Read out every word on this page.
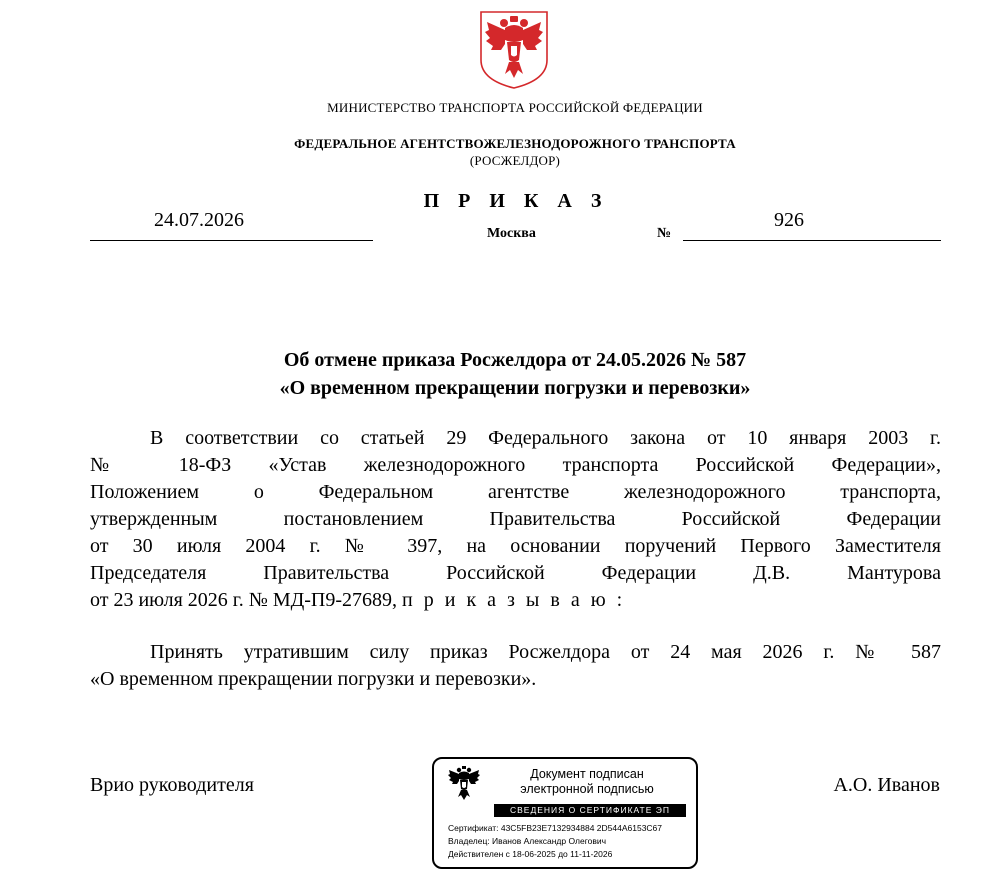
МИНИСТЕРСТВО ТРАНСПОРТА РОССИЙСКОЙ ФЕДЕРАЦИИ
ФЕДЕРАЛЬНОЕ АГЕНТСТВОЖЕЛЕЗНОДОРОЖНОГО ТРАНСПОРТА
(РОСЖЕЛДОР)
П Р И К А З
24.07.2026
Москва	№
926
Об отмене приказа Росжелдора от 24.05.2026 № 587
«О временном прекращении погрузки и перевозки»
В соответствии со статьей 29 Федерального закона от 10 января 2003 г.
№ 18-ФЗ «Устав железнодорожного транспорта Российской Федерации»,
Положением о Федеральном агентстве железнодорожного транспорта,
утвержденным постановлением Правительства Российской Федерации
от 30 июля 2004 г. № 397, на основании поручений Первого Заместителя
Председателя Правительства Российской Федерации Д.В. Мантурова
от 23 июля 2026 г. № МД-П9-27689, п р и к а з ы в а ю :
Принять утратившим силу приказ Росжелдора от 24 мая 2026 г. № 587
«О временном прекращении погрузки и перевозки».
Врио руководителя	А.О. Иванов
Документ подписан
электронной подписью
СВЕДЕНИЯ О СЕРТИФИКАТЕ ЭП
Сертификат: 43C5FB23E7132934884 2D544A6153C67
Владелец: Иванов Александр Олегович
Действителен с 18-06-2025 до 11-11-2026
